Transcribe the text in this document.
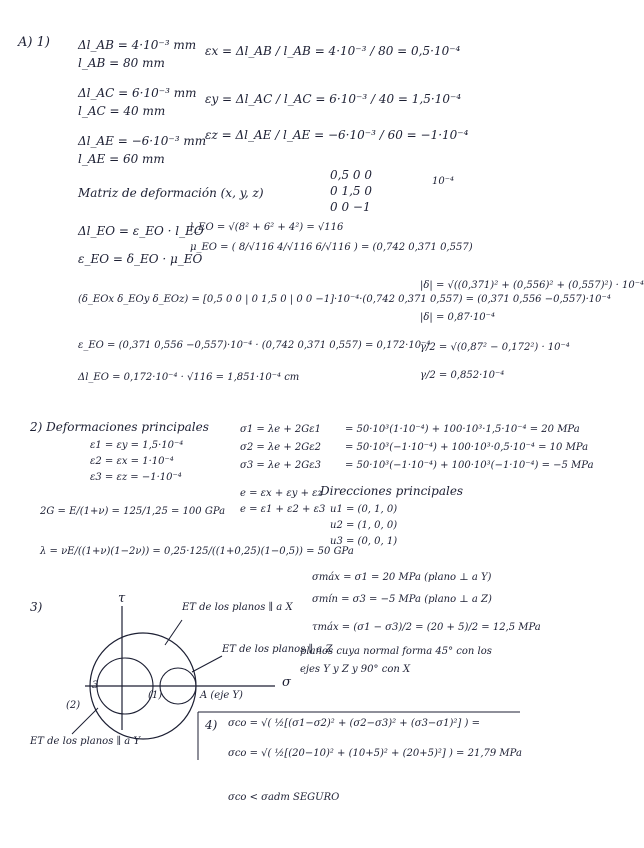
A) 1) Δl_AB = 4·10⁻³ mm
l_AB = 80 mm
εx = Δl_AB / l_AB = 4·10⁻³ / 80 = 0,5·10⁻⁴
Δl_AC = 6·10⁻³ mm
l_AC = 40 mm
εy = Δl_AC / l_AC = 6·10⁻³ / 40 = 1,5·10⁻⁴
Δl_AE = −6·10⁻³ mm
l_AE = 60 mm
εz = Δl_AE / l_AE = −6·10⁻³ / 60 = −1·10⁻⁴
Matriz de deformación (x, y, z)
0,5 0 0
0 1,5 0
0 0 −1
10⁻⁴
Δl_EO = ε_EO · l_EO
ε_EO = δ_EO · μ_EO
l_EO = √(8² + 6² + 4²) = √116
μ_EO = ( 8/√116 4/√116 6/√116 ) = (0,742 0,371 0,557)
(δ_EOx δ_EOy δ_EOz) = [0,5 0 0 | 0 1,5 0 | 0 0 −1]·10⁻⁴·(0,742 0,371 0,557) = (0,371 0,556 −0,557)·10⁻⁴
ε_EO = (0,371 0,556 −0,557)·10⁻⁴ · (0,742 0,371 0,557) = 0,172·10⁻⁴
Δl_EO = 0,172·10⁻⁴ · √116 = 1,851·10⁻⁴ cm
|δ| = √((0,371)² + (0,556)² + (0,557)²) · 10⁻⁴
|δ| = 0,87·10⁻⁴
γ/2 = √(0,87² − 0,172²) · 10⁻⁴
γ/2 = 0,852·10⁻⁴
2) Deformaciones principales
ε1 = εy = 1,5·10⁻⁴
ε2 = εx = 1·10⁻⁴
ε3 = εz = −1·10⁻⁴
σ1 = λe + 2Gε1
σ2 = λe + 2Gε2
σ3 = λe + 2Gε3
= 50·10³(1·10⁻⁴) + 100·10³·1,5·10⁻⁴ = 20 MPa
= 50·10³(−1·10⁻⁴) + 100·10³·0,5·10⁻⁴ = 10 MPa
= 50·10³(−1·10⁻⁴) + 100·10³(−1·10⁻⁴) = −5 MPa
2G = E/(1+ν) = 125/1,25 = 100 GPa
λ = νE/((1+ν)(1−2ν)) = 0,25·125/((1+0,25)(1−0,5)) = 50 GPa
e = εx + εy + εz
e = ε1 + ε2 + ε3
Direcciones principales
u1 = (0, 1, 0)
u2 = (1, 0, 0)
u3 = (0, 0, 1)
3)
τ
σ
ET de los planos ∥ a X
ET de los planos ∥ a Z
ET de los planos ∥ a Y
A (eje Y)
3
(2)
(1)
σmáx = σ1 = 20 MPa (plano ⊥ a Y)
σmín = σ3 = −5 MPa (plano ⊥ a Z)
τmáx = (σ1 − σ3)/2 = (20 + 5)/2 = 12,5 MPa
planos cuya normal forma 45° con los
ejes Y y Z y 90° con X
4) σco = √( ½[(σ1−σ2)² + (σ2−σ3)² + (σ3−σ1)²] ) =
σco = √( ½[(20−10)² + (10+5)² + (20+5)²] ) = 21,79 MPa
σco < σadm SEGURO
